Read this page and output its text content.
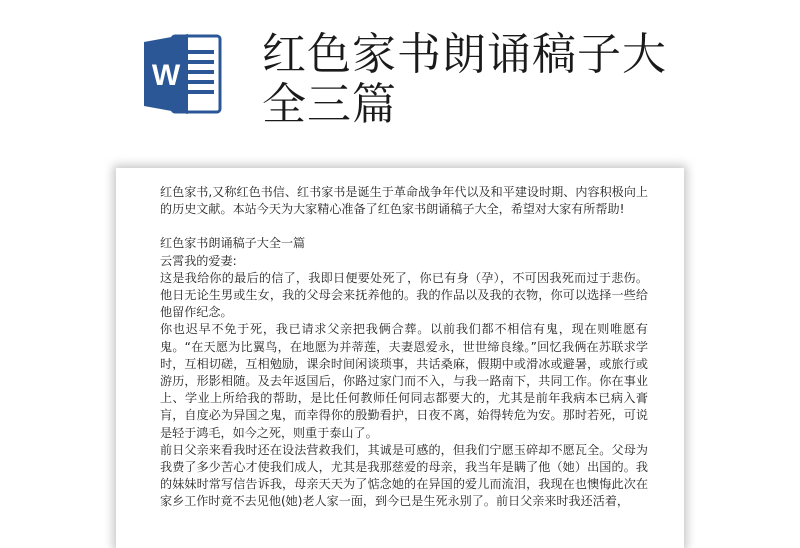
W 红色家书朗诵稿子大
全三篇

红色家书,又称红色书信、红书家书是诞生于革命战争年代以及和平建设时期、内容积极向上的历史文献。本站今天为大家精心准备了红色家书朗诵稿子大全，希望对大家有所帮助!

红色家书朗诵稿子大全一篇

云霄我的爱妻:

这是我给你的最后的信了，我即日便要处死了，你已有身（孕），不可因我死而过于悲伤。他日无论生男或生女，我的父母会来抚养他的。我的作品以及我的衣物，你可以选择一些给他留作纪念。

你也迟早不免于死，我已请求父亲把我俩合葬。以前我们都不相信有鬼，现在则唯愿有鬼。“在天愿为比翼鸟，在地愿为并蒂莲，夫妻恩爱永，世世缔良缘。”回忆我俩在苏联求学时，互相切磋，互相勉励，课余时间闲谈琐事，共话桑麻，假期中或滑冰或避暑，或旅行或游历，形影相随。及去年返国后，你路过家门而不入，与我一路南下，共同工作。你在事业上、学业上所给我的帮助，是比任何教师任何同志都要大的，尤其是前年我病本已病入膏肓，自度必为异国之鬼，而幸得你的殷勤看护，日夜不离，始得转危为安。那时若死，可说是轻于鸿毛，如今之死，则重于泰山了。

前日父亲来看我时还在设法营救我们，其诚是可感的，但我们宁愿玉碎却不愿瓦全。父母为我费了多少苦心才使我们成人，尤其是我那慈爱的母亲，我当年是瞒了他（她）出国的。我的妹妹时常写信告诉我，母亲天天为了惦念她的在异国的爱儿而流泪，我现在也懊悔此次在家乡工作时竟不去见他(她)老人家一面，到今已是生死永别了。前日父亲来时我还活着，
